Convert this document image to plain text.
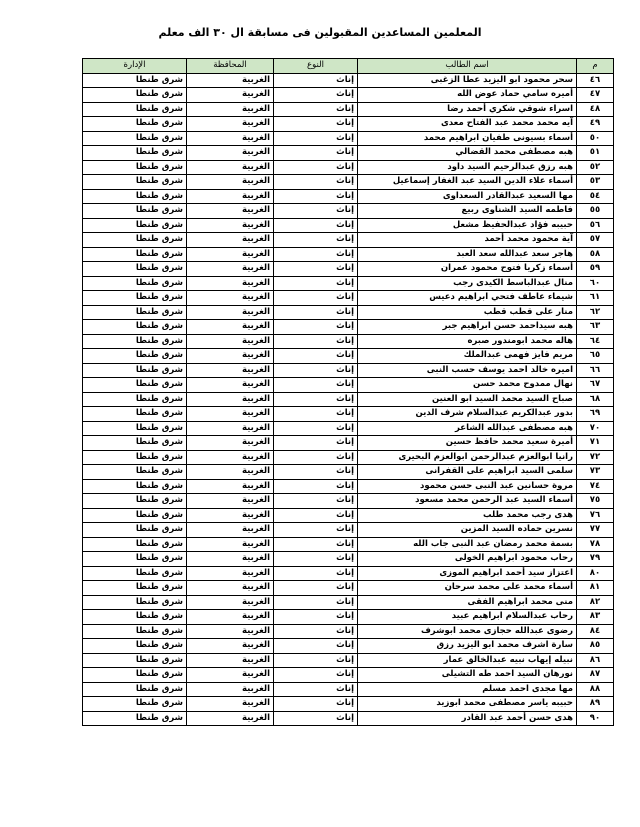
المعلمين المساعدين المقبولين فى مسابقة ال ٣٠ الف معلم
م	اسم الطالب	النوع	المحافظة	الإدارة
٤٦	سحر محمود ابو اليزيد عطا الزغبى	إناث	الغربية	شرق طنطا
٤٧	أميره سامي حماد عوض الله	إناث	الغربية	شرق طنطا
٤٨	اسراء شوقي شكري أحمد رضا	إناث	الغربية	شرق طنطا
٤٩	آيه محمد محمد عبد الفتاح معدى	إناث	الغربية	شرق طنطا
٥٠	أسماء بسيونى طفيان ابراهيم محمد	إناث	الغربية	شرق طنطا
٥١	هبه مصطفى محمد القضالي	إناث	الغربية	شرق طنطا
٥٢	هبه رزق عبدالرحيم السيد داود	إناث	الغربية	شرق طنطا
٥٣	أسماء علاء الدين السيد عبد الغفار إسماعيل	إناث	الغربية	شرق طنطا
٥٤	مها السعيد عبدالقادر السعداوى	إناث	الغربية	شرق طنطا
٥٥	فاطمه السيد الشناوى ربيع	إناث	الغربية	شرق طنطا
٥٦	حبيبه فؤاد عبدالحفيظ مشعل	إناث	الغربية	شرق طنطا
٥٧	آية محمود محمد أحمد	إناث	الغربية	شرق طنطا
٥٨	هاجر سعد عبدالله سعد العبد	إناث	الغربية	شرق طنطا
٥٩	أسماء زكريا فتوح محمود عمران	إناث	الغربية	شرق طنطا
٦٠	منال عبدالباسط الكيدى رجب	إناث	الغربية	شرق طنطا
٦١	شيماء عاطف فتحي ابراهيم دعيس	إناث	الغربية	شرق طنطا
٦٢	منار على قطب قطب	إناث	الغربية	شرق طنطا
٦٣	هبه سيداحمد حسن ابراهيم جبر	إناث	الغربية	شرق طنطا
٦٤	هاله محمد ابومندور صبره	إناث	الغربية	شرق طنطا
٦٥	مريم فايز فهمى عبدالملك	إناث	الغربية	شرق طنطا
٦٦	اميره خالد احمد يوسف حسب النبى	إناث	الغربية	شرق طنطا
٦٧	نهال ممدوح محمد حسن	إناث	الغربية	شرق طنطا
٦٨	صباح السيد محمد السيد ابو العنين	إناث	الغربية	شرق طنطا
٦٩	بدور عبدالكريم عبدالسلام شرف الدين	إناث	الغربية	شرق طنطا
٧٠	هبه مصطفى عبدالله الشاعر	إناث	الغربية	شرق طنطا
٧١	أميرة سعيد محمد حافظ حسين	إناث	الغربية	شرق طنطا
٧٢	رانيا ابوالعزم عبدالرحمن ابوالعزم البحيرى	إناث	الغربية	شرق طنطا
٧٣	سلمى السيد ابراهيم على القفرانى	إناث	الغربية	شرق طنطا
٧٤	مروة حسانين عبد النبى حسن محمود	إناث	الغربية	شرق طنطا
٧٥	أسماء السيد عبد الرحمن محمد مسعود	إناث	الغربية	شرق طنطا
٧٦	هدى رجب محمد طلب	إناث	الغربية	شرق طنطا
٧٧	نسرين حماده السيد المزين	إناث	الغربية	شرق طنطا
٧٨	بسمة محمد رمضان عبد النبى جاب الله	إناث	الغربية	شرق طنطا
٧٩	رحاب محمود ابراهيم الخولى	إناث	الغربية	شرق طنطا
٨٠	اعتزاز سيد أحمد ابراهيم الموزى	إناث	الغربية	شرق طنطا
٨١	أسماء محمد على محمد سرحان	إناث	الغربية	شرق طنطا
٨٢	منى محمد ابراهيم الفقى	إناث	الغربية	شرق طنطا
٨٣	رحاب عبدالسلام ابراهيم عبيد	إناث	الغربية	شرق طنطا
٨٤	رضوى عبدالله حجازى محمد ابوشرف	إناث	الغربية	شرق طنطا
٨٥	سارة اشرف محمد ابو اليزيد رزق	إناث	الغربية	شرق طنطا
٨٦	نبيله إيهاب نبيه عبدالخالق عمار	إناث	الغربية	شرق طنطا
٨٧	نورهان السيد احمد طه التشيلى	إناث	الغربية	شرق طنطا
٨٨	مها مجدى احمد مسلم	إناث	الغربية	شرق طنطا
٨٩	حبيبه ياسر مصطفى محمد ابوزيد	إناث	الغربية	شرق طنطا
٩٠	هدى حسن أحمد عبد القادر	إناث	الغربية	شرق طنطا
